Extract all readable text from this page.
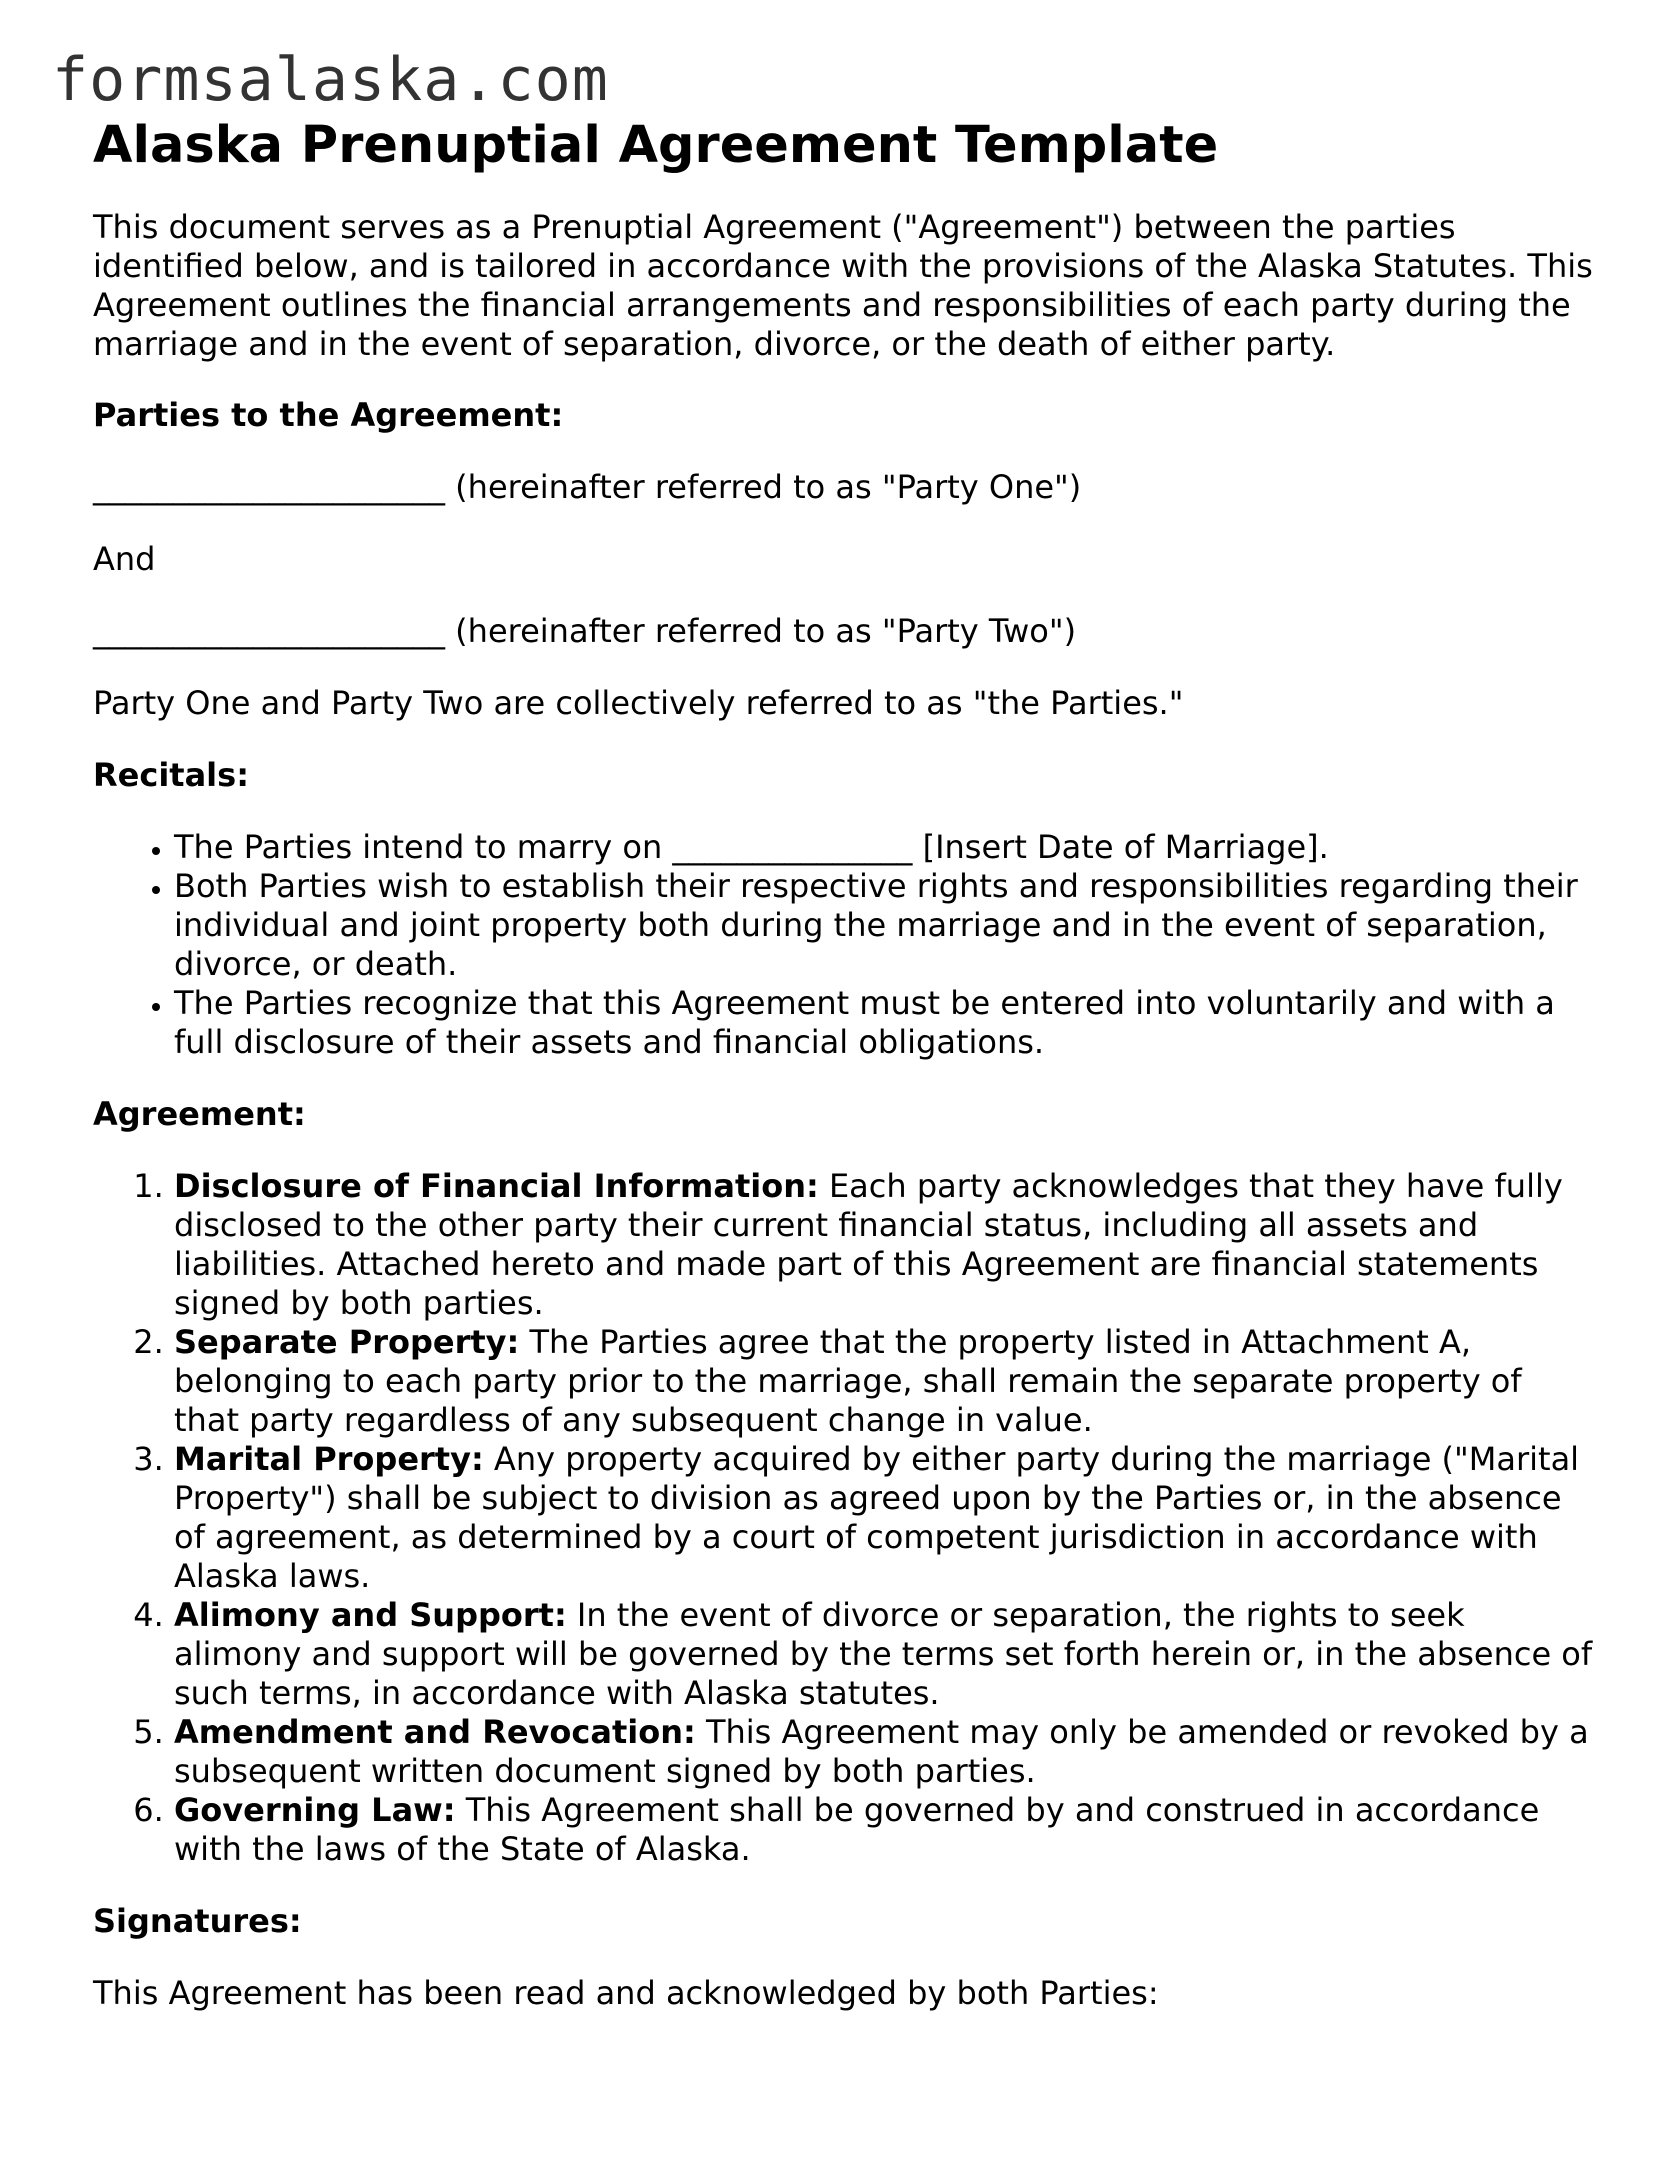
formsalaska.com
Alaska Prenuptial Agreement Template

This document serves as a Prenuptial Agreement ("Agreement") between the parties identified below, and is tailored in accordance with the provisions of the Alaska Statutes. This Agreement outlines the financial arrangements and responsibilities of each party during the marriage and in the event of separation, divorce, or the death of either party.

Parties to the Agreement:

______________________ (hereinafter referred to as "Party One")

And

______________________ (hereinafter referred to as "Party Two")

Party One and Party Two are collectively referred to as "the Parties."

Recitals:

• The Parties intend to marry on _______________ [Insert Date of Marriage].
• Both Parties wish to establish their respective rights and responsibilities regarding their individual and joint property both during the marriage and in the event of separation, divorce, or death.
• The Parties recognize that this Agreement must be entered into voluntarily and with a full disclosure of their assets and financial obligations.

Agreement:

1. Disclosure of Financial Information: Each party acknowledges that they have fully disclosed to the other party their current financial status, including all assets and liabilities. Attached hereto and made part of this Agreement are financial statements signed by both parties.
2. Separate Property: The Parties agree that the property listed in Attachment A, belonging to each party prior to the marriage, shall remain the separate property of that party regardless of any subsequent change in value.
3. Marital Property: Any property acquired by either party during the marriage ("Marital Property") shall be subject to division as agreed upon by the Parties or, in the absence of agreement, as determined by a court of competent jurisdiction in accordance with Alaska laws.
4. Alimony and Support: In the event of divorce or separation, the rights to seek alimony and support will be governed by the terms set forth herein or, in the absence of such terms, in accordance with Alaska statutes.
5. Amendment and Revocation: This Agreement may only be amended or revoked by a subsequent written document signed by both parties.
6. Governing Law: This Agreement shall be governed by and construed in accordance with the laws of the State of Alaska.

Signatures:

This Agreement has been read and acknowledged by both Parties:
